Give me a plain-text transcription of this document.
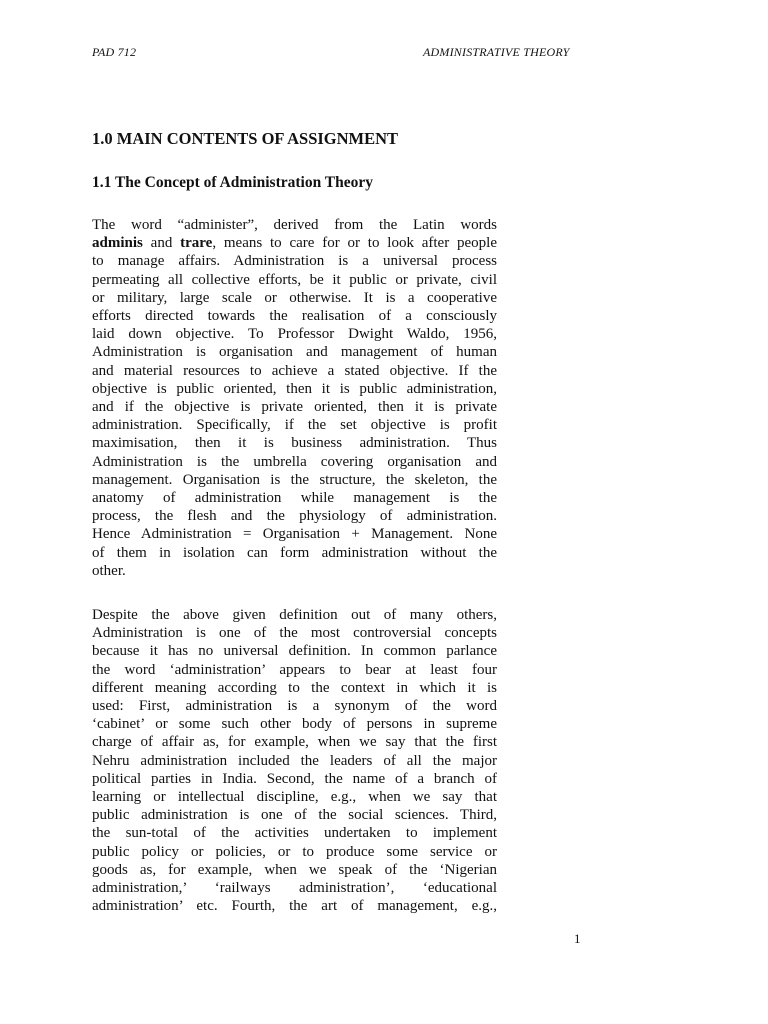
PAD 712	ADMINISTRATIVE THEORY
1.0 MAIN CONTENTS OF ASSIGNMENT
1.1 The Concept of Administration Theory
The word “administer”, derived from the Latin words
adminis and trare, means to care for or to look after people
to manage affairs. Administration is a universal process
permeating all collective efforts, be it public or private, civil
or military, large scale or otherwise. It is a cooperative
efforts directed towards the realisation of a consciously
laid down objective. To Professor Dwight Waldo, 1956,
Administration is organisation and management of human
and material resources to achieve a stated objective. If the
objective is public oriented, then it is public administration,
and if the objective is private oriented, then it is private
administration. Specifically, if the set objective is profit
maximisation, then it is business administration. Thus
Administration is the umbrella covering organisation and
management. Organisation is the structure, the skeleton, the
anatomy of administration while management is the
process, the flesh and the physiology of administration.
Hence Administration = Organisation + Management. None
of them in isolation can form administration without the
other.
Despite the above given definition out of many others,
Administration is one of the most controversial concepts
because it has no universal definition. In common parlance
the word ‘administration’ appears to bear at least four
different meaning according to the context in which it is
used: First, administration is a synonym of the word
‘cabinet’ or some such other body of persons in supreme
charge of affair as, for example, when we say that the first
Nehru administration included the leaders of all the major
political parties in India. Second, the name of a branch of
learning or intellectual discipline, e.g., when we say that
public administration is one of the social sciences. Third,
the sun-total of the activities undertaken to implement
public policy or policies, or to produce some service or
goods as, for example, when we speak of the ‘Nigerian
administration,’ ‘railways administration’, ‘educational
administration’ etc. Fourth, the art of management, e.g.,
1
